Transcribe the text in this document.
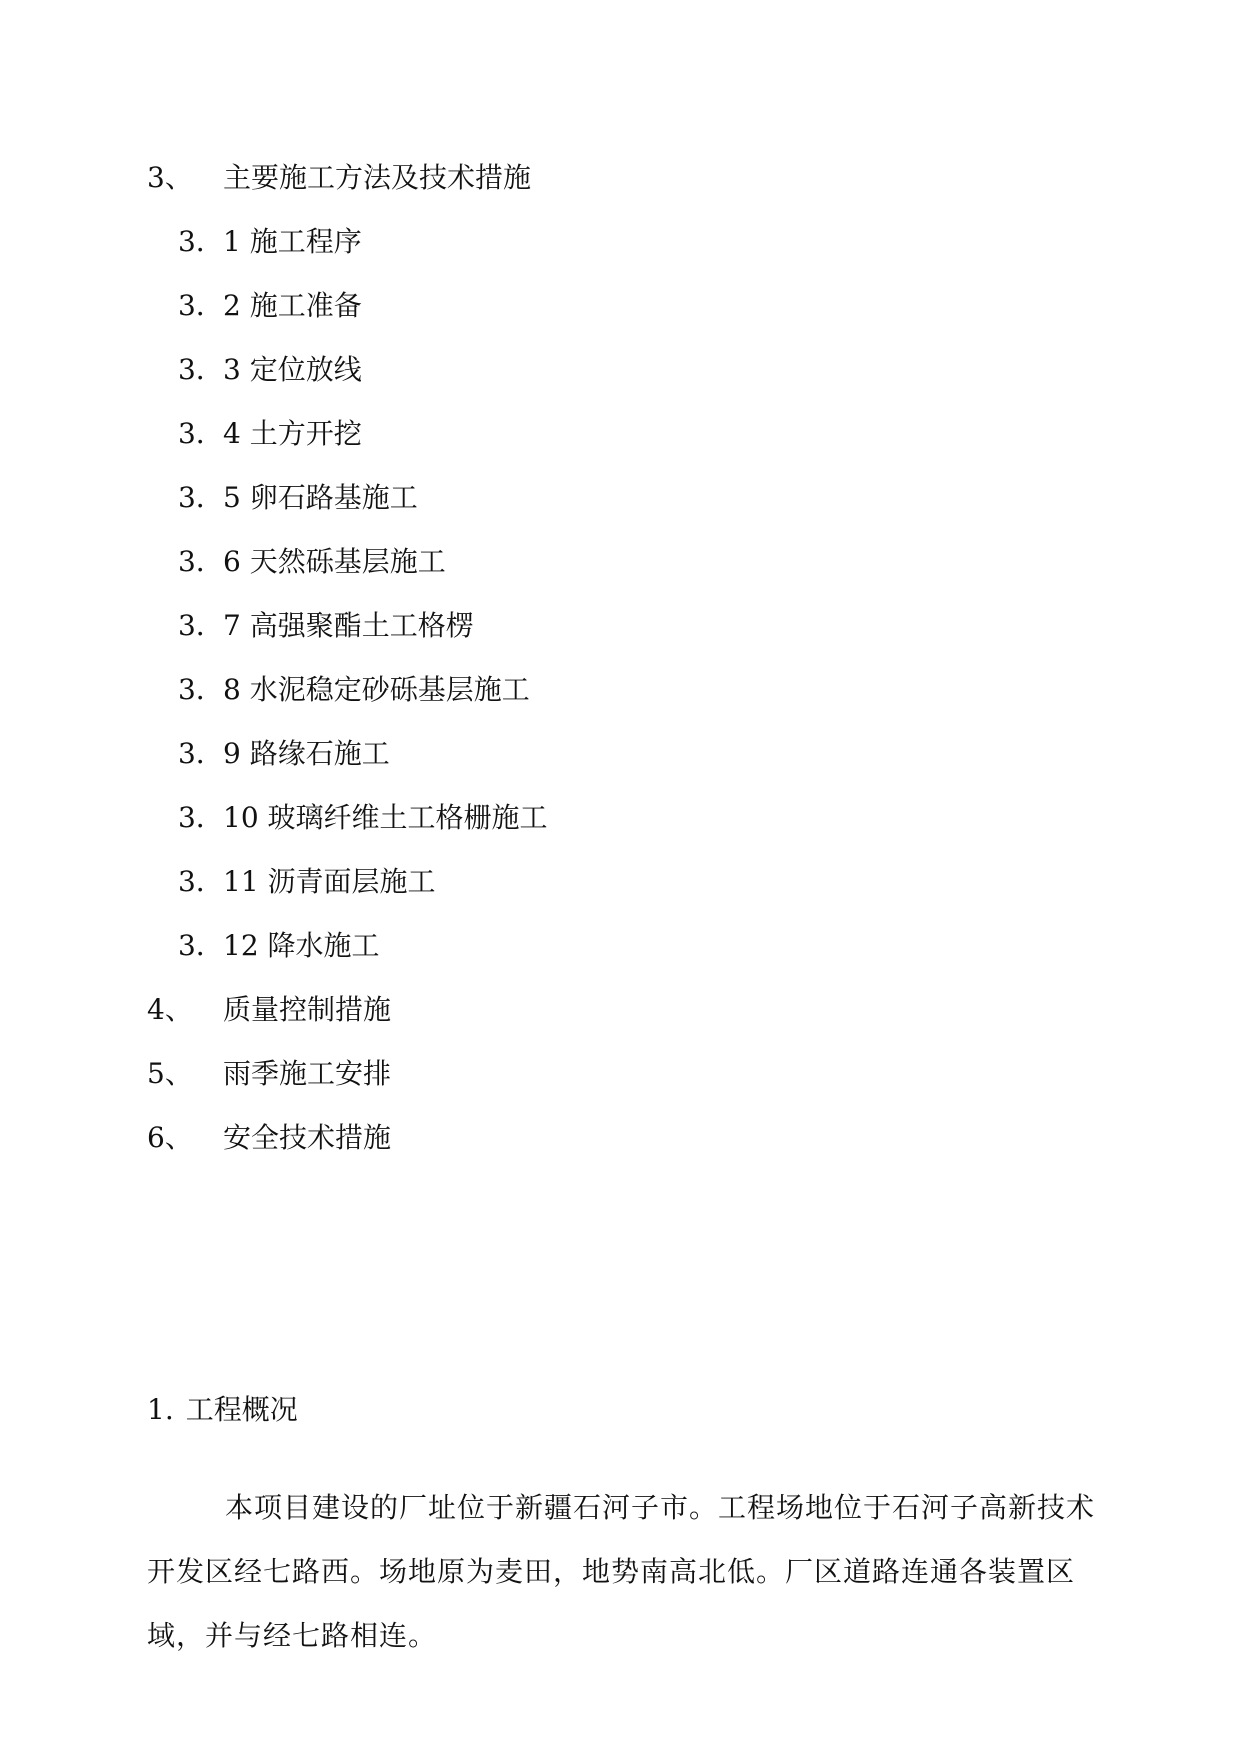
3、 主要施工方法及技术措施
3． 1 施工程序
3． 2 施工准备
3． 3 定位放线
3． 4 土方开挖
3． 5 卵石路基施工
3． 6 天然砾基层施工
3． 7 高强聚酯土工格楞
3． 8 水泥稳定砂砾基层施工
3． 9 路缘石施工
3． 10 玻璃纤维土工格栅施工
3． 11 沥青面层施工
3． 12 降水施工
4、 质量控制措施
5、 雨季施工安排
6、 安全技术措施
1. 工程概况

本项目建设的厂址位于新疆石河子市。工程场地位于石河子高新技术开发区经七路西。场地原为麦田，地势南高北低。厂区道路连通各装置区域，并与经七路相连。
